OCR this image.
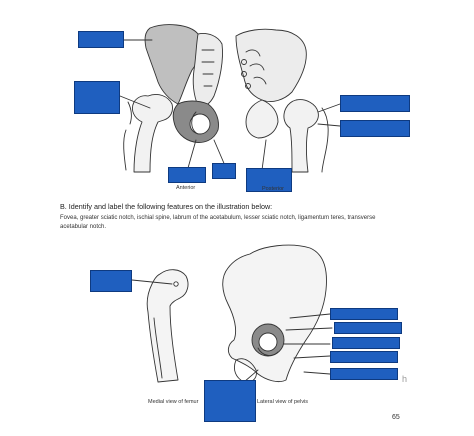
Anterior	Posterior
B. Identify and label the following features on the illustration below:
Fovea, greater sciatic notch, ischial spine, labrum of the acetabulum, lesser sciatic notch, ligamentum teres, transverse acetabular notch.
Medial view of femur	Lateral view of pelvis
h
65
